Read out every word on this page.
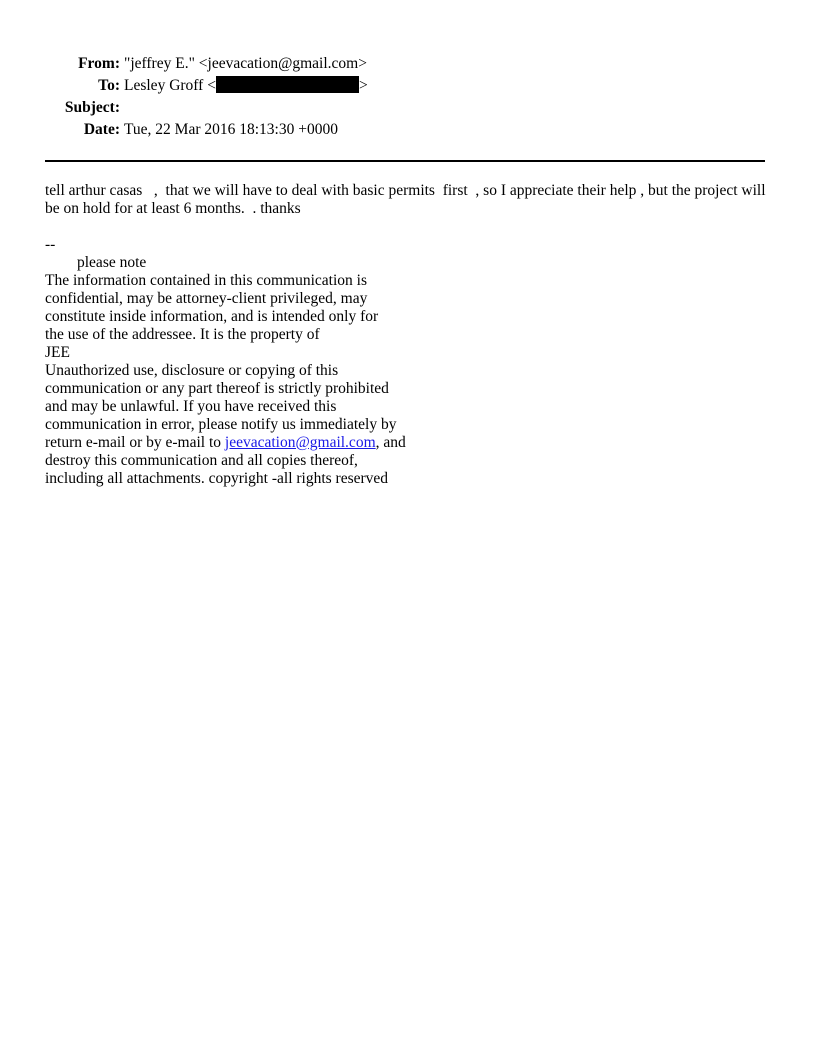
From: "jeffrey E." <jeevacation@gmail.com>
To: Lesley Groff <	>
Subject:
Date: Tue, 22 Mar 2016 18:13:30 +0000

tell arthur casas   ,  that we will have to deal with basic permits  first  , so I appreciate their help , but the project will be on hold for at least 6 months.  . thanks

--
please note
The information contained in this communication is
confidential, may be attorney-client privileged, may
constitute inside information, and is intended only for
the use of the addressee. It is the property of
JEE
Unauthorized use, disclosure or copying of this
communication or any part thereof is strictly prohibited
and may be unlawful. If you have received this
communication in error, please notify us immediately by
return e-mail or by e-mail to jeevacation@gmail.com, and
destroy this communication and all copies thereof,
including all attachments. copyright -all rights reserved
